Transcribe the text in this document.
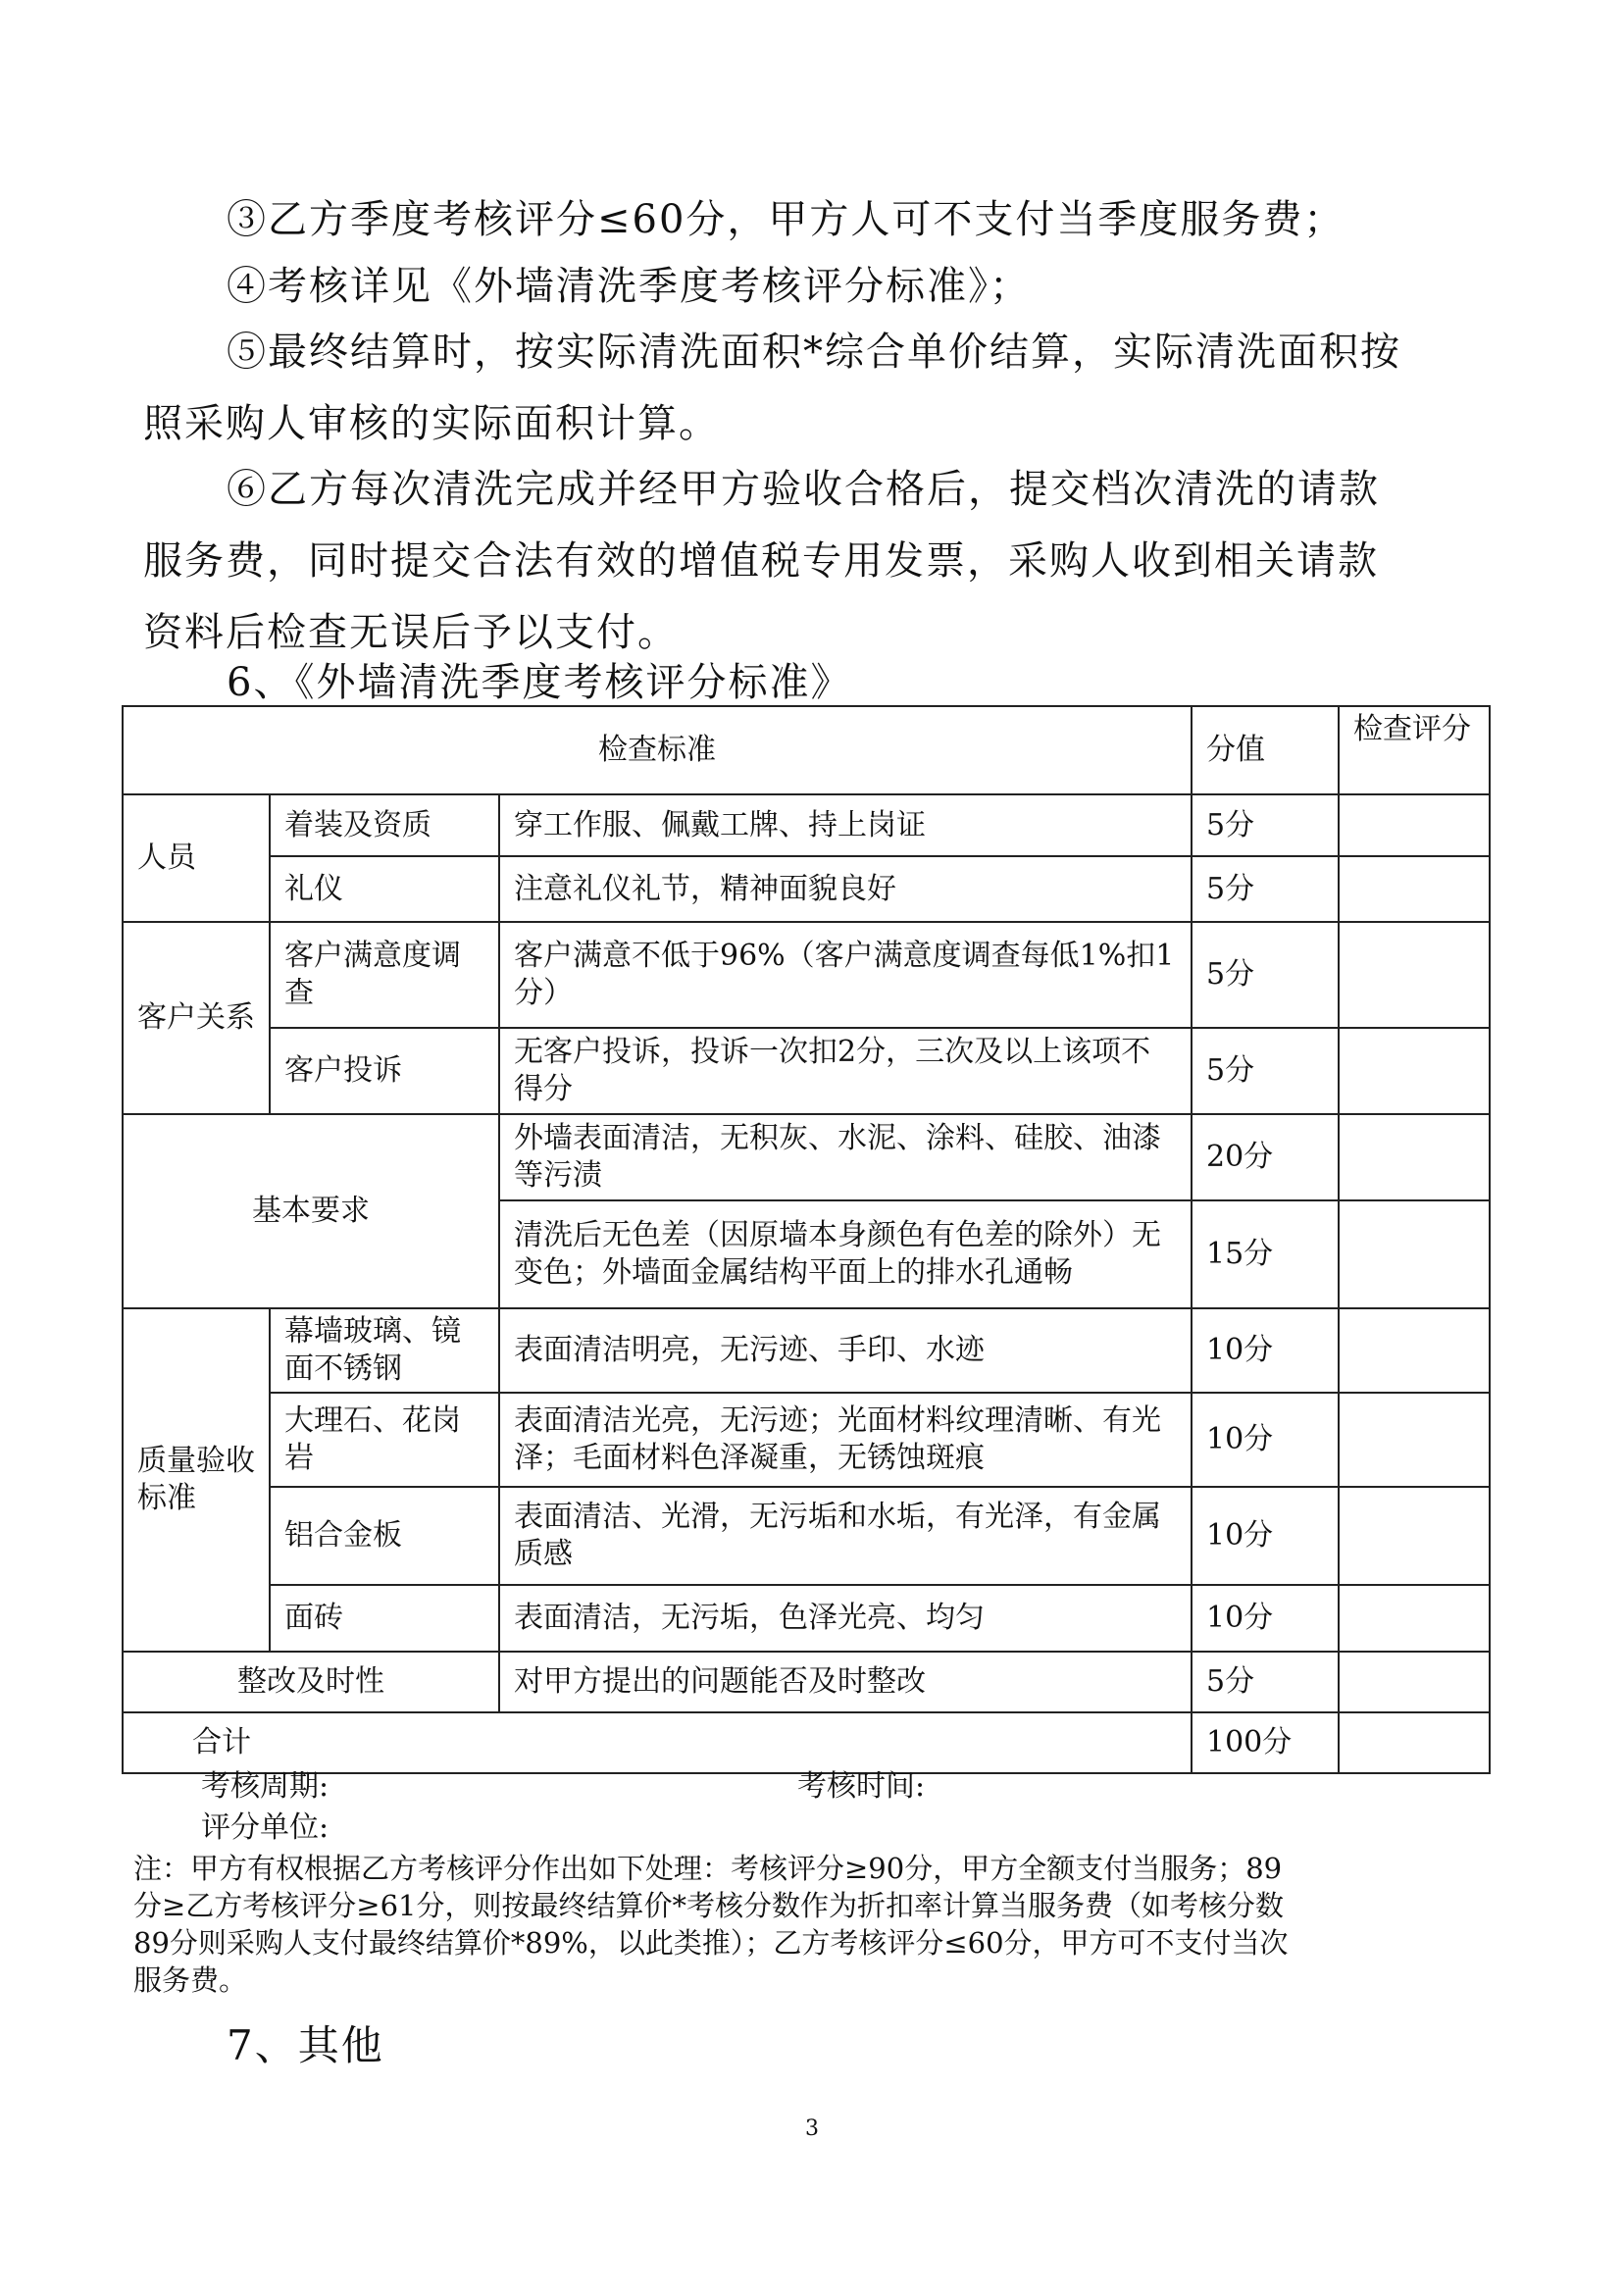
③乙方季度考核评分≤60分，甲方人可不支付当季度服务费；
④考核详见《外墙清洗季度考核评分标准》；
⑤最终结算时，按实际清洗面积*综合单价结算，实际清洗面积按
照采购人审核的实际面积计算。
⑥乙方每次清洗完成并经甲方验收合格后，提交档次清洗的请款
服务费，同时提交合法有效的增值税专用发票，采购人收到相关请款
资料后检查无误后予以支付。
6、《外墙清洗季度考核评分标准》
检查标准			分值	检查评分
人员	着装及资质	穿工作服、佩戴工牌、持上岗证	5分	
	礼仪	注意礼仪礼节，精神面貌良好	5分	
客户关系	客户满意度调查	客户满意不低于96%（客户满意度调查每低1%扣1分）	5分	
	客户投诉	无客户投诉，投诉一次扣2分，三次及以上该项不得分	5分	
基本要求		外墙表面清洁，无积灰、水泥、涂料、硅胶、油漆等污渍	20分	
		清洗后无色差（因原墙本身颜色有色差的除外）无变色；外墙面金属结构平面上的排水孔通畅	15分	
质量验收标准	幕墙玻璃、镜面不锈钢	表面清洁明亮，无污迹、手印、水迹	10分	
	大理石、花岗岩	表面清洁光亮，无污迹；光面材料纹理清晰、有光泽；毛面材料色泽凝重，无锈蚀斑痕	10分	
	铝合金板	表面清洁、光滑，无污垢和水垢，有光泽，有金属质感	10分	
	面砖	表面清洁，无污垢，色泽光亮、均匀	10分	
整改及时性		对甲方提出的问题能否及时整改	5分	
合计			100分	
考核周期:	考核时间:
评分单位:
注：甲方有权根据乙方考核评分作出如下处理：考核评分≥90分，甲方全额支付当服务；89
分≥乙方考核评分≥61分，则按最终结算价*考核分数作为折扣率计算当服务费（如考核分数
89分则采购人支付最终结算价*89%，以此类推）；乙方考核评分≤60分，甲方可不支付当次
服务费。
7、其他
3
